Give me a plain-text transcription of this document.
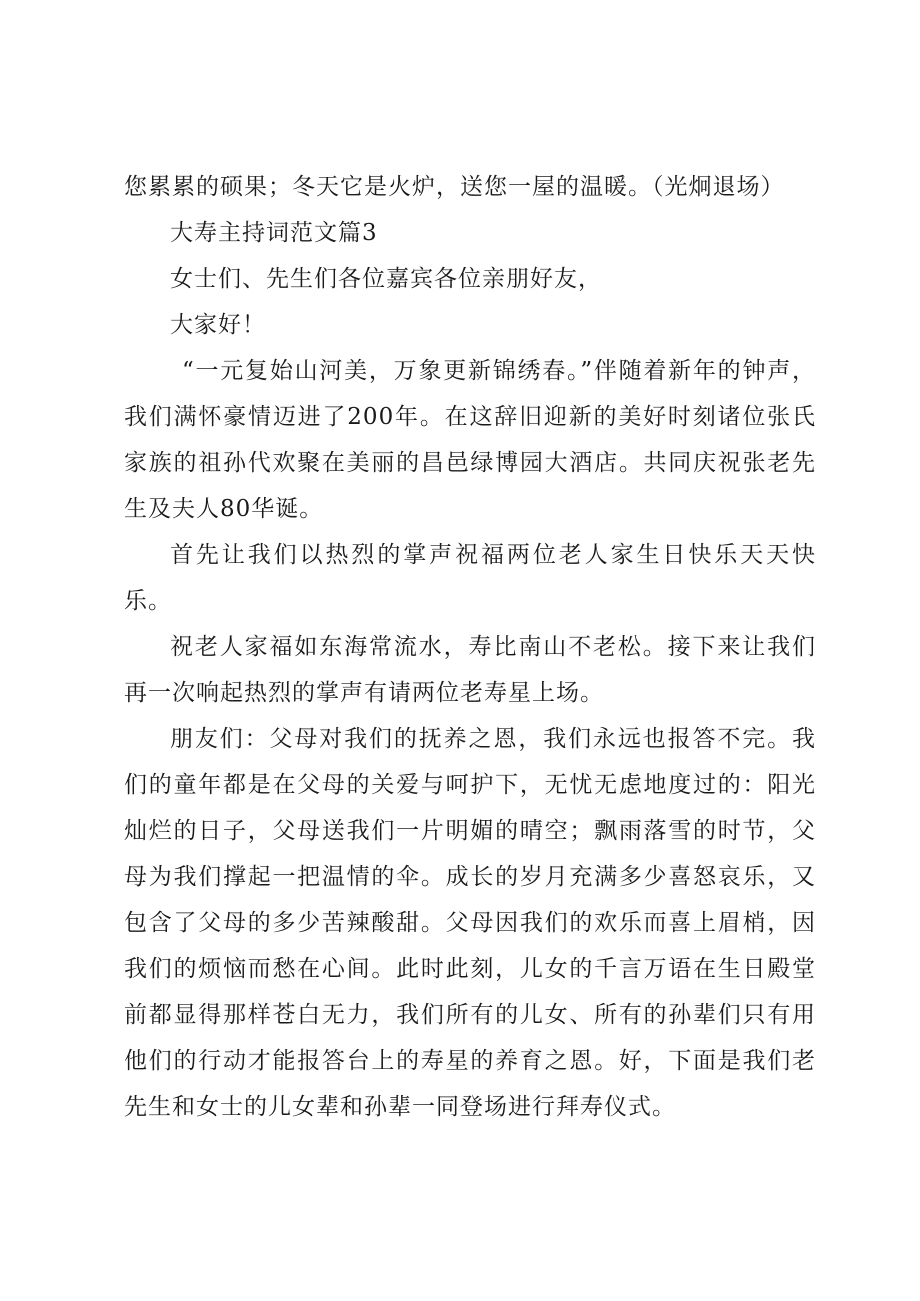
您累累的硕果；冬天它是火炉，送您一屋的温暖。（光炯退场）

大寿主持词范文篇3

女士们、先生们各位嘉宾各位亲朋好友，

大家好！

“一元复始山河美，万象更新锦绣春。”伴随着新年的钟声，我们满怀豪情迈进了200年。在这辞旧迎新的美好时刻诸位张氏家族的祖孙代欢聚在美丽的昌邑绿博园大酒店。共同庆祝张老先生及夫人80华诞。

首先让我们以热烈的掌声祝福两位老人家生日快乐天天快乐。

祝老人家福如东海常流水，寿比南山不老松。接下来让我们再一次响起热烈的掌声有请两位老寿星上场。

朋友们：父母对我们的抚养之恩，我们永远也报答不完。我们的童年都是在父母的关爱与呵护下，无忧无虑地度过的：阳光灿烂的日子，父母送我们一片明媚的晴空；飘雨落雪的时节，父母为我们撑起一把温情的伞。成长的岁月充满多少喜怒哀乐，又包含了父母的多少苦辣酸甜。父母因我们的欢乐而喜上眉梢，因我们的烦恼而愁在心间。此时此刻，儿女的千言万语在生日殿堂前都显得那样苍白无力，我们所有的儿女、所有的孙辈们只有用他们的行动才能报答台上的寿星的养育之恩。好，下面是我们老先生和女士的儿女辈和孙辈一同登场进行拜寿仪式。
